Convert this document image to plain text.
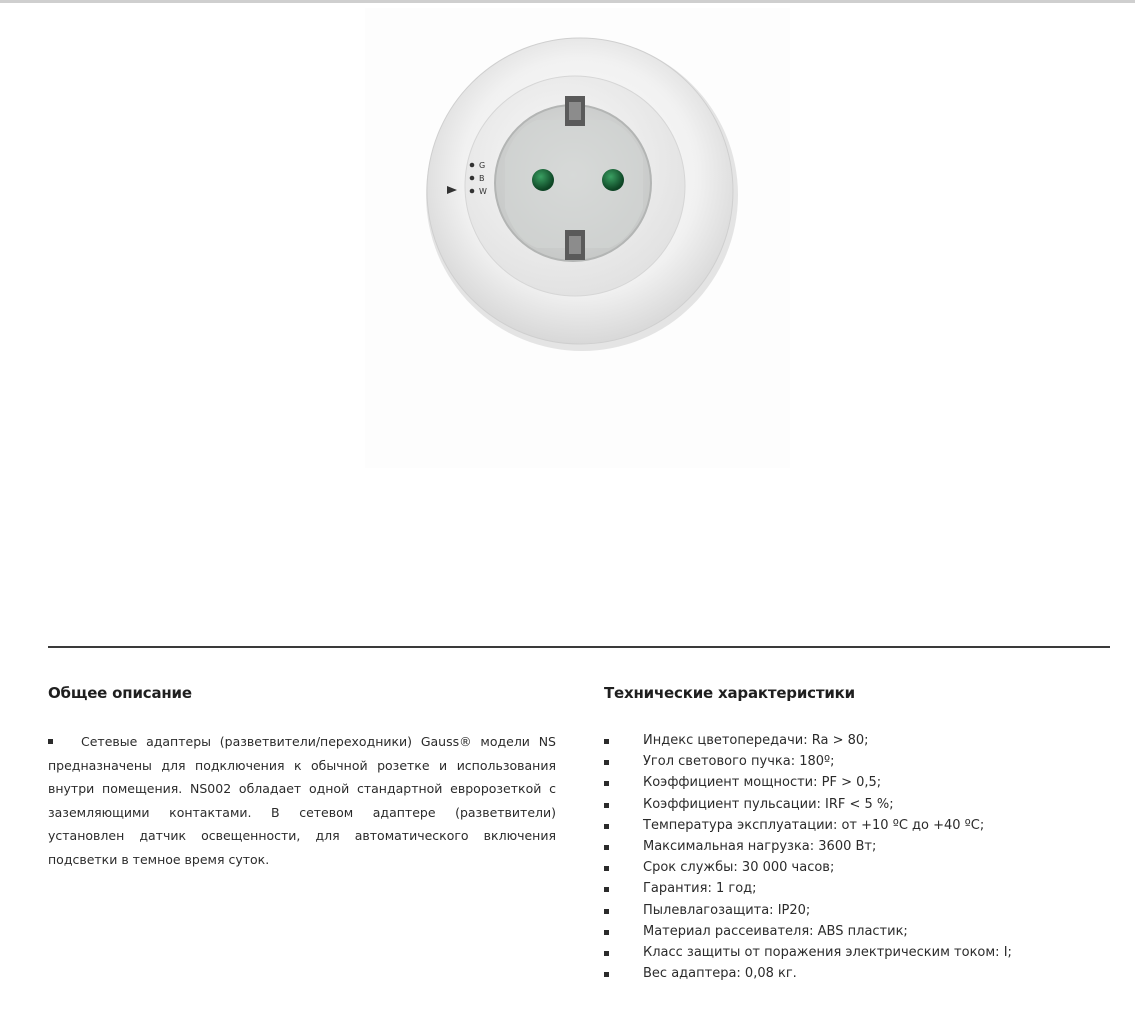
G
B
W
Общее описание	Технические характеристики

Сетевые адаптеры (разветвители/переходники) Gauss® модели NS предназначены для подключения к обычной розетке и использования внутри помещения. NS002 обладает одной стандартной евророзеткой с заземляющими контактами. В сетевом адаптере (разветвители) установлен датчик освещенности, для автоматического включения подсветки в темное время суток.

Индекс цветопередачи: Ra > 80;
Угол светового пучка: 180º;
Коэффициент мощности: PF > 0,5;
Коэффициент пульсации: IRF < 5 %;
Температура эксплуатации: от +10 ºС до +40 ºС;
Максимальная нагрузка: 3600 Вт;
Срок службы: 30 000 часов;
Гарантия: 1 год;
Пылевлагозащита: IP20;
Материал рассеивателя: ABS пластик;
Класс защиты от поражения электрическим током: I;
Вес адаптера: 0,08 кг.
